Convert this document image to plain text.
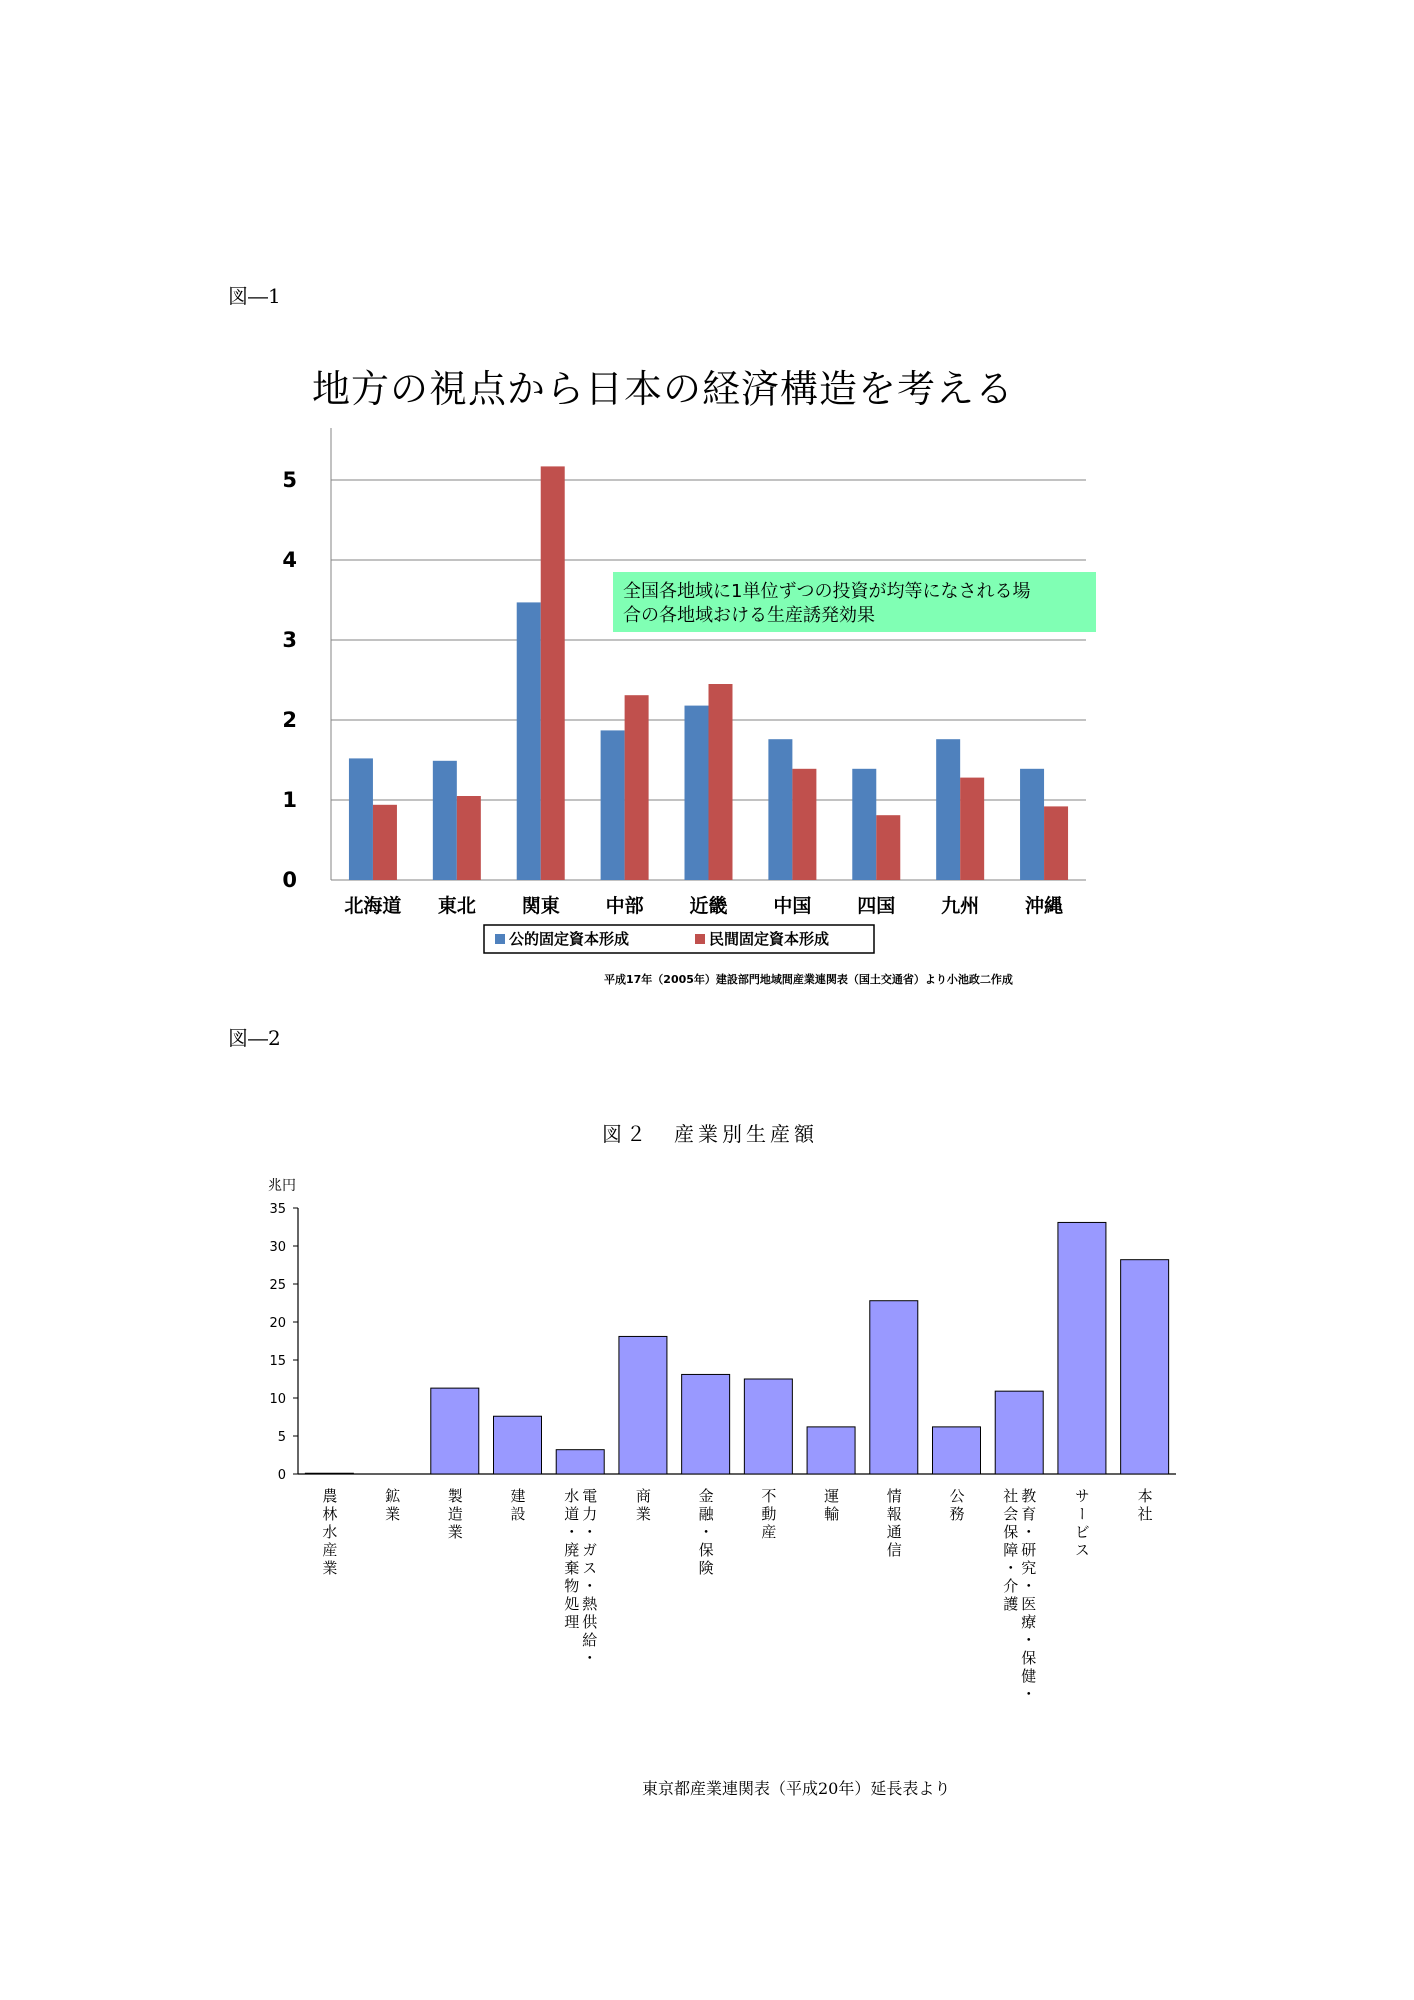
図―1
地方の視点から日本の経済構造を考える
0
1
2
3
4
5
北海道 東北 関東 中部 近畿 中国 四国 九州 沖縄
全国各地域に1単位ずつの投資が均等になされる場
合の各地域おける生産誘発効果
公的固定資本形成	民間固定資本形成
兆円
0
5
10
15
20
25
30
35
農林水産業	鉱業	製造業	建設	電力・ガス・熱供給・
水道・廃棄物処理	商業	金融・保険	不動産	運輸	情報通信	公務	教育・研究・医療・保健・
社会保障・介護	サービス	本社
平成17年（2005年）建設部門地域間産業連関表（国土交通省）より小池政二作成
図―2
図２　産業別生産額
東京都産業連関表（平成20年）延長表より
